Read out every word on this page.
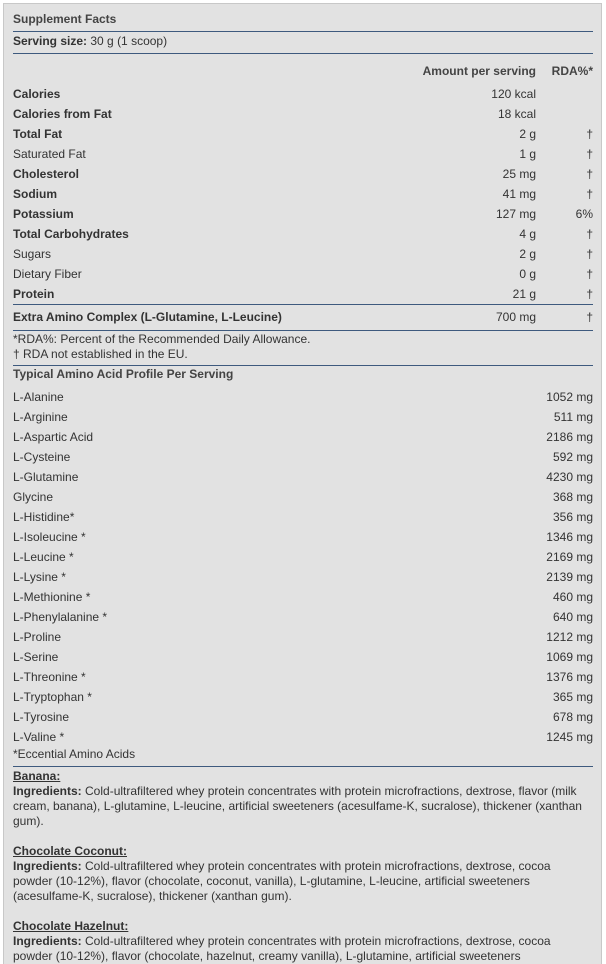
Supplement Facts
Serving size: 30 g (1 scoop)
Amount per serving RDA%*
Calories	120 kcal
Calories from Fat	18 kcal
Total Fat	2 g	†
Saturated Fat	1 g	†
Cholesterol	25 mg	†
Sodium	41 mg	†
Potassium	127 mg	6%
Total Carbohydrates	4 g	†
Sugars	2 g	†
Dietary Fiber	0 g	†
Protein	21 g	†
Extra Amino Complex (L-Glutamine, L-Leucine)	700 mg	†
*RDA%: Percent of the Recommended Daily Allowance.
† RDA not established in the EU.
Typical Amino Acid Profile Per Serving
L-Alanine	1052 mg
L-Arginine	511 mg
L-Aspartic Acid	2186 mg
L-Cysteine	592 mg
L-Glutamine	4230 mg
Glycine	368 mg
L-Histidine*	356 mg
L-Isoleucine *	1346 mg
L-Leucine *	2169 mg
L-Lysine *	2139 mg
L-Methionine *	460 mg
L-Phenylalanine *	640 mg
L-Proline	1212 mg
L-Serine	1069 mg
L-Threonine *	1376 mg
L-Tryptophan *	365 mg
L-Tyrosine	678 mg
L-Valine *	1245 mg
*Eccential Amino Acids
Banana:
Ingredients: Cold-ultrafiltered whey protein concentrates with protein microfractions, dextrose, flavor (milk cream, banana), L-glutamine, L-leucine, artificial sweeteners (acesulfame-K, sucralose), thickener (xanthan gum).
Chocolate Coconut:
Ingredients: Cold-ultrafiltered whey protein concentrates with protein microfractions, dextrose, cocoa powder (10-12%), flavor (chocolate, coconut, vanilla), L-glutamine, L-leucine, artificial sweeteners (acesulfame-K, sucralose), thickener (xanthan gum).
Chocolate Hazelnut:
Ingredients: Cold-ultrafiltered whey protein concentrates with protein microfractions, dextrose, cocoa powder (10-12%), flavor (chocolate, hazelnut, creamy vanilla), L-glutamine, artificial sweeteners
